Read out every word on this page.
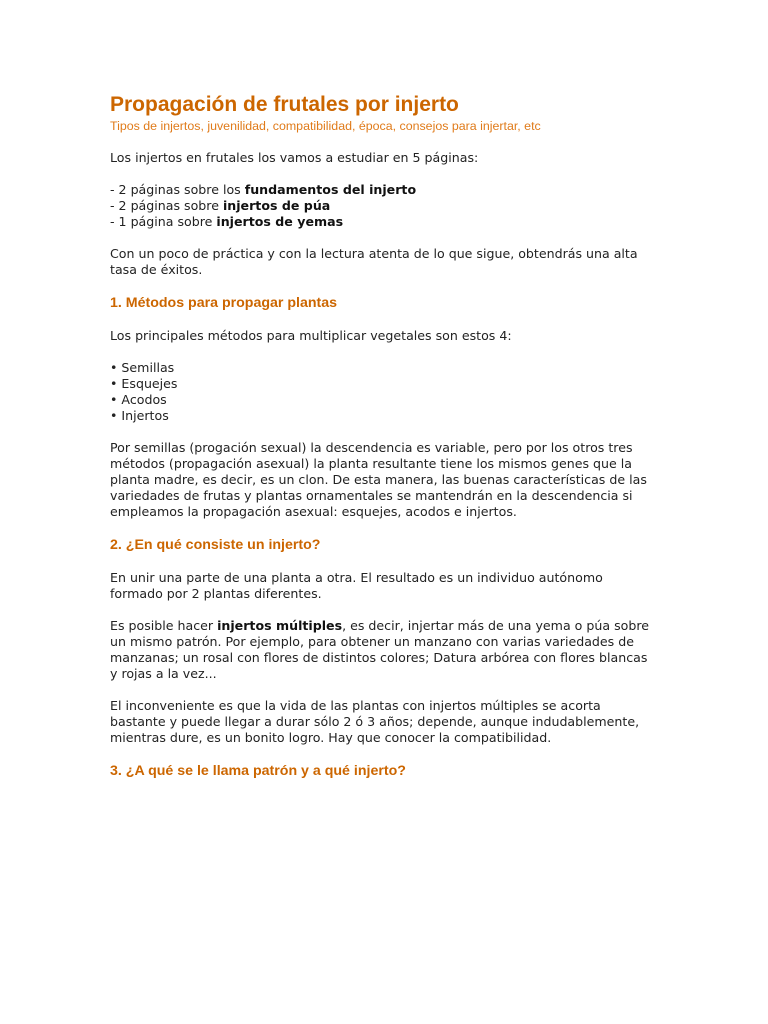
Propagación de frutales por injerto
Tipos de injertos, juvenilidad, compatibilidad, época, consejos para injertar, etc

Los injertos en frutales los vamos a estudiar en 5 páginas:

- 2 páginas sobre los fundamentos del injerto
- 2 páginas sobre injertos de púa
- 1 página sobre injertos de yemas

Con un poco de práctica y con la lectura atenta de lo que sigue, obtendrás una alta tasa de éxitos.

1. Métodos para propagar plantas

Los principales métodos para multiplicar vegetales son estos 4:

• Semillas
• Esquejes
• Acodos
• Injertos

Por semillas (progación sexual) la descendencia es variable, pero por los otros tres métodos (propagación asexual) la planta resultante tiene los mismos genes que la planta madre, es decir, es un clon. De esta manera, las buenas características de las variedades de frutas y plantas ornamentales se mantendrán en la descendencia si empleamos la propagación asexual: esquejes, acodos e injertos.

2. ¿En qué consiste un injerto?

En unir una parte de una planta a otra. El resultado es un individuo autónomo formado por 2 plantas diferentes.

Es posible hacer injertos múltiples, es decir, injertar más de una yema o púa sobre un mismo patrón. Por ejemplo, para obtener un manzano con varias variedades de manzanas; un rosal con flores de distintos colores; Datura arbórea con flores blancas y rojas a la vez...

El inconveniente es que la vida de las plantas con injertos múltiples se acorta bastante y puede llegar a durar sólo 2 ó 3 años; depende, aunque indudablemente, mientras dure, es un bonito logro. Hay que conocer la compatibilidad.

3. ¿A qué se le llama patrón y a qué injerto?
